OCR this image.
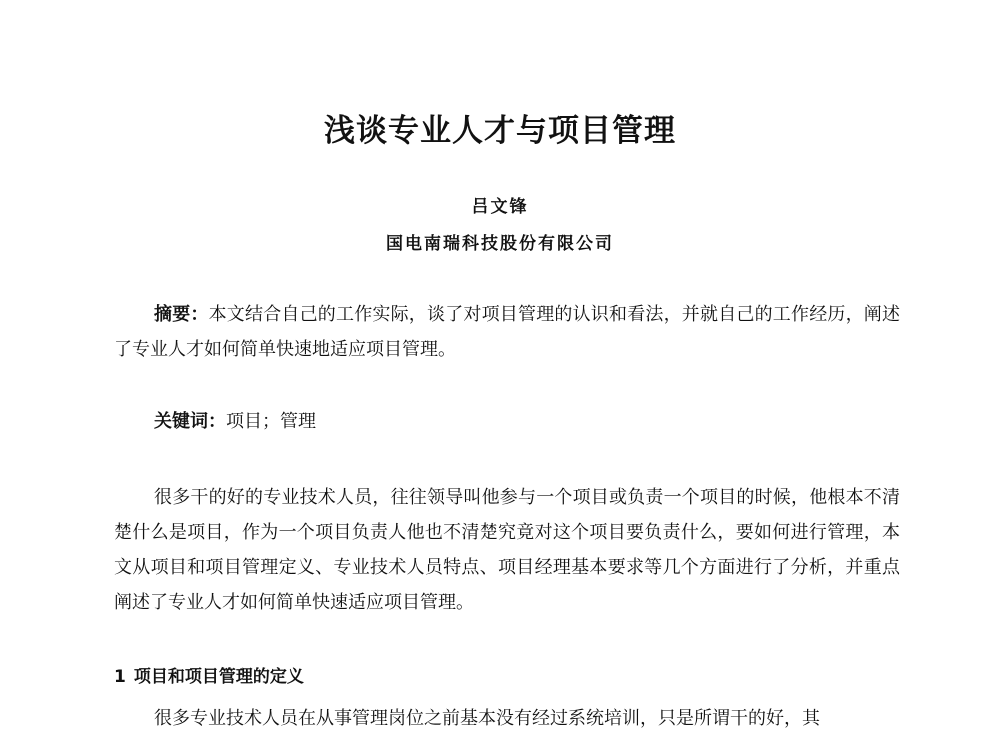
浅谈专业人才与项目管理
吕文锋
国电南瑞科技股份有限公司

摘要：本文结合自己的工作实际，谈了对项目管理的认识和看法，并就自己的工作经历，阐述了专业人才如何简单快速地适应项目管理。

关键词：项目；管理

很多干的好的专业技术人员，往往领导叫他参与一个项目或负责一个项目的时候，他根本不清楚什么是项目，作为一个项目负责人他也不清楚究竟对这个项目要负责什么，要如何进行管理，本文从项目和项目管理定义、专业技术人员特点、项目经理基本要求等几个方面进行了分析，并重点阐述了专业人才如何简单快速适应项目管理。

1 项目和项目管理的定义

很多专业技术人员在从事管理岗位之前基本没有经过系统培训，只是所谓干的好，其
